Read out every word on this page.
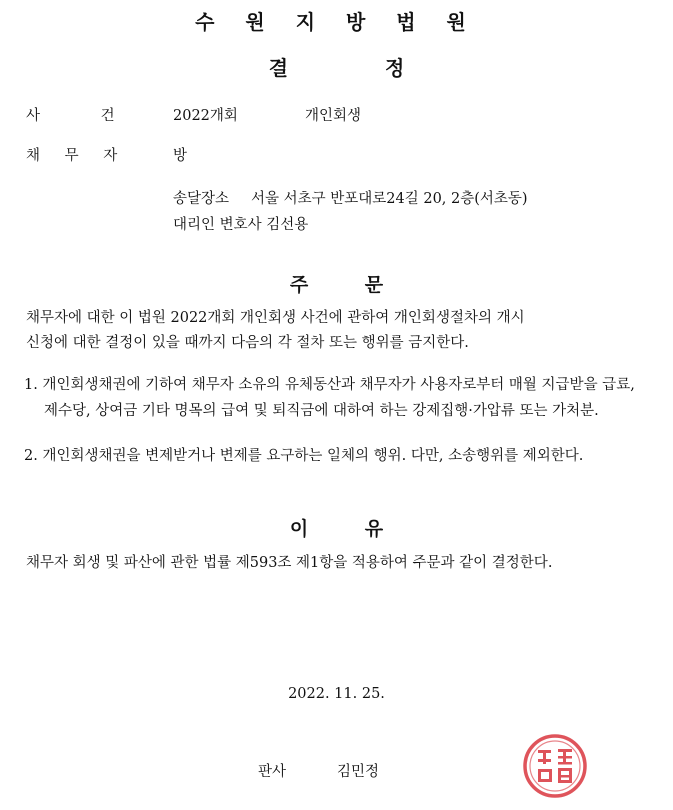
수 원 지 방 법 원
결 정
사 건	2022개회	개인회생
채 무 자	방
송달장소 서울 서초구 반포대로24길 20, 2층(서초동)
대리인 변호사 김선용
주 문
채무자에 대한 이 법원 2022개회 개인회생 사건에 관하여 개인회생절차의 개시
신청에 대한 결정이 있을 때까지 다음의 각 절차 또는 행위를 금지한다.
1. 개인회생채권에 기하여 채무자 소유의 유체동산과 채무자가 사용자로부터 매월 지급받을 급료, 제수당, 상여금 기타 명목의 급여 및 퇴직금에 대하여 하는 강제집행·가압류 또는 가처분.
2. 개인회생채권을 변제받거나 변제를 요구하는 일체의 행위. 다만, 소송행위를 제외한다.
이 유
채무자 회생 및 파산에 관한 법률 제593조 제1항을 적용하여 주문과 같이 결정한다.
2022. 11. 25.
판사	김민정
